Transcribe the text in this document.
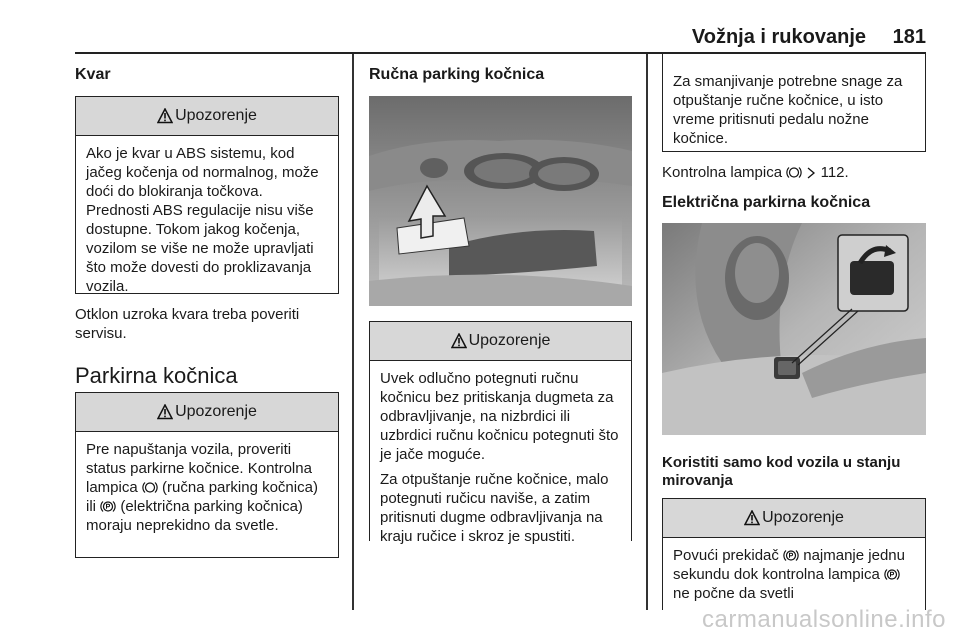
Vožnja i rukovanje 181
Kvar
Upozorenje
Ako je kvar u ABS sistemu, kod jačeg kočenja od normalnog, može doći do blokiranja točkova. Prednosti ABS regulacije nisu više dostupne. Tokom jakog kočenja, vozilom se više ne može upravljati što može dovesti do proklizavanja vozila.
Otklon uzroka kvara treba poveriti servisu.
Parkirna kočnica
Upozorenje
Pre napuštanja vozila, proveriti status parkirne kočnice. Kontrolna lampica (ručna parking kočnica) ili (električna parking kočnica) moraju neprekidno da svetle.
Ručna parking kočnica
Upozorenje

Uvek odlučno potegnuti ručnu kočnicu bez pritiskanja dugmeta za odbravljivanje, na nizbrdici ili uzbrdici ručnu kočnicu potegnuti što je jače moguće.

Za otpuštanje ručne kočnice, malo potegnuti ručicu naviše, a zatim pritisnuti dugme odbravljivanja na kraju ručice i skroz je spustiti.

Za smanjivanje potrebne snage za otpuštanje ručne kočnice, u isto vreme pritisnuti pedalu nožne kočnice.
Kontrolna lampica	112.
Električna parkirna kočnica
Koristiti samo kod vozila u stanju mirovanja
Upozorenje
Povući prekidač najmanje jednu sekundu dok kontrolna lampica  ne počne da svetli
carmanualsonline.info
